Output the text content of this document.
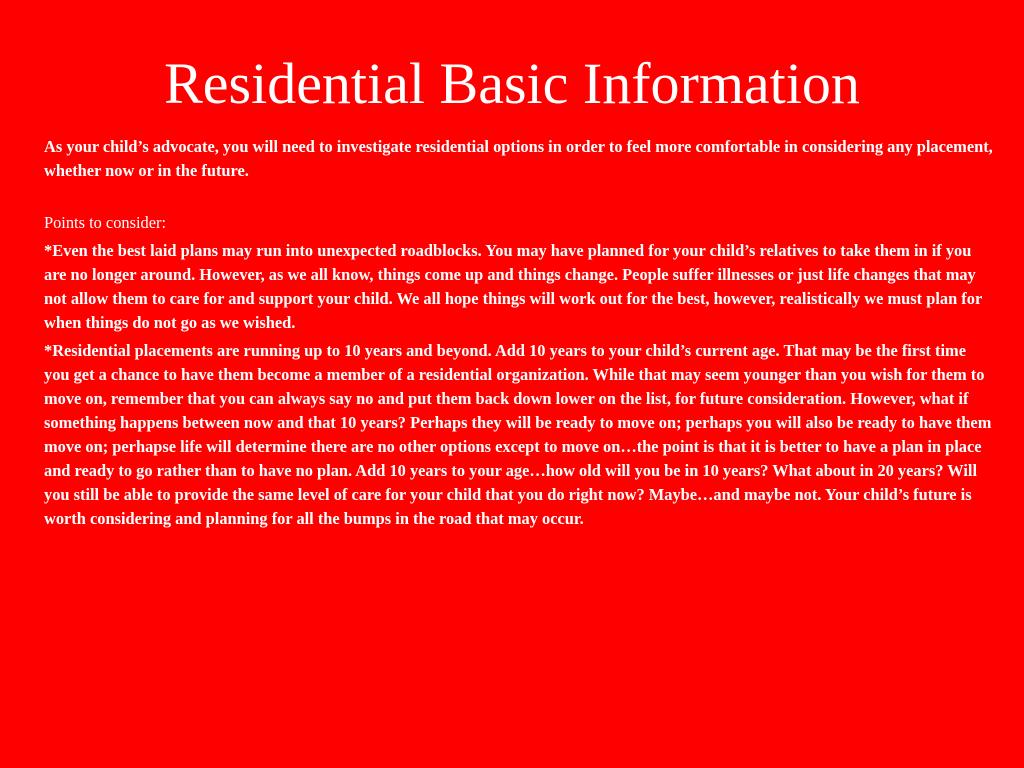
Residential Basic Information

As your child’s advocate, you will need to investigate residential options in order to feel more comfortable in considering any placement, whether now or in the future.

Points to consider:

*Even the best laid plans may run into unexpected roadblocks. You may have planned for your child’s relatives to take them in if you are no longer around. However, as we all know, things come up and things change. People suffer illnesses or just life changes that may not allow them to care for and support your child. We all hope things will work out for the best, however, realistically we must plan for when things do not go as we wished.

*Residential placements are running up to 10 years and beyond. Add 10 years to your child’s current age. That may be the first time you get a chance to have them become a member of a residential organization. While that may seem younger than you wish for them to move on, remember that you can always say no and put them back down lower on the list, for future consideration. However, what if something happens between now and that 10 years? Perhaps they will be ready to move on; perhaps you will also be ready to have them move on; perhapse life will determine there are no other options except to move on…the point is that it is better to have a plan in place and ready to go rather than to have no plan. Add 10 years to your age…how old will you be in 10 years? What about in 20 years? Will you still be able to provide the same level of care for your child that you do right now? Maybe…and maybe not. Your child’s future is worth considering and planning for all the bumps in the road that may occur.
